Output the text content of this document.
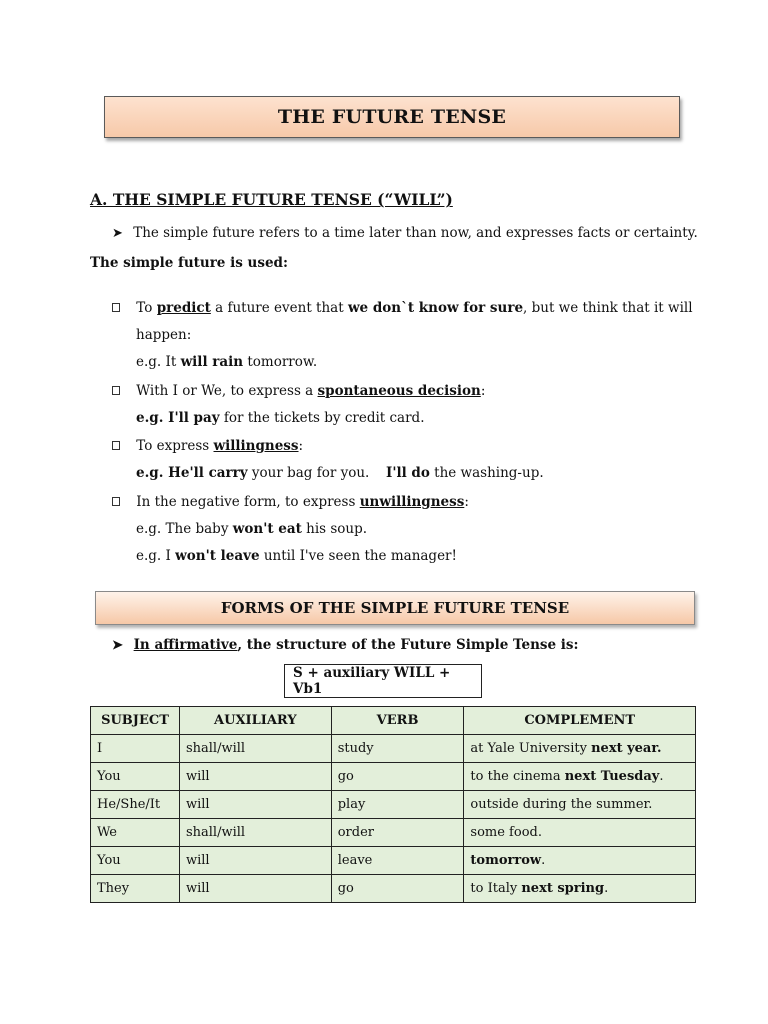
THE FUTURE TENSE
A. THE SIMPLE FUTURE TENSE (“WILL”)
➤ The simple future refers to a time later than now, and expresses facts or certainty.
The simple future is used:
To predict a future event that we don`t know for sure, but we think that it will
happen:
e.g. It will rain tomorrow.
With I or We, to express a spontaneous decision:
e.g. I'll pay for the tickets by credit card.
To express willingness:
e.g. He'll carry your bag for you. I'll do the washing-up.
In the negative form, to express unwillingness:
e.g. The baby won't eat his soup.
e.g. I won't leave until I've seen the manager!
FORMS OF THE SIMPLE FUTURE TENSE
➤ In affirmative, the structure of the Future Simple Tense is:
S + auxiliary WILL + Vb1
SUBJECT	AUXILIARY	VERB	COMPLEMENT
I	shall/will	study	at Yale University next year.
You	will	go	to the cinema next Tuesday.
He/She/It	will	play	outside during the summer.
We	shall/will	order	some food.
You	will	leave	tomorrow.
They	will	go	to Italy next spring.
